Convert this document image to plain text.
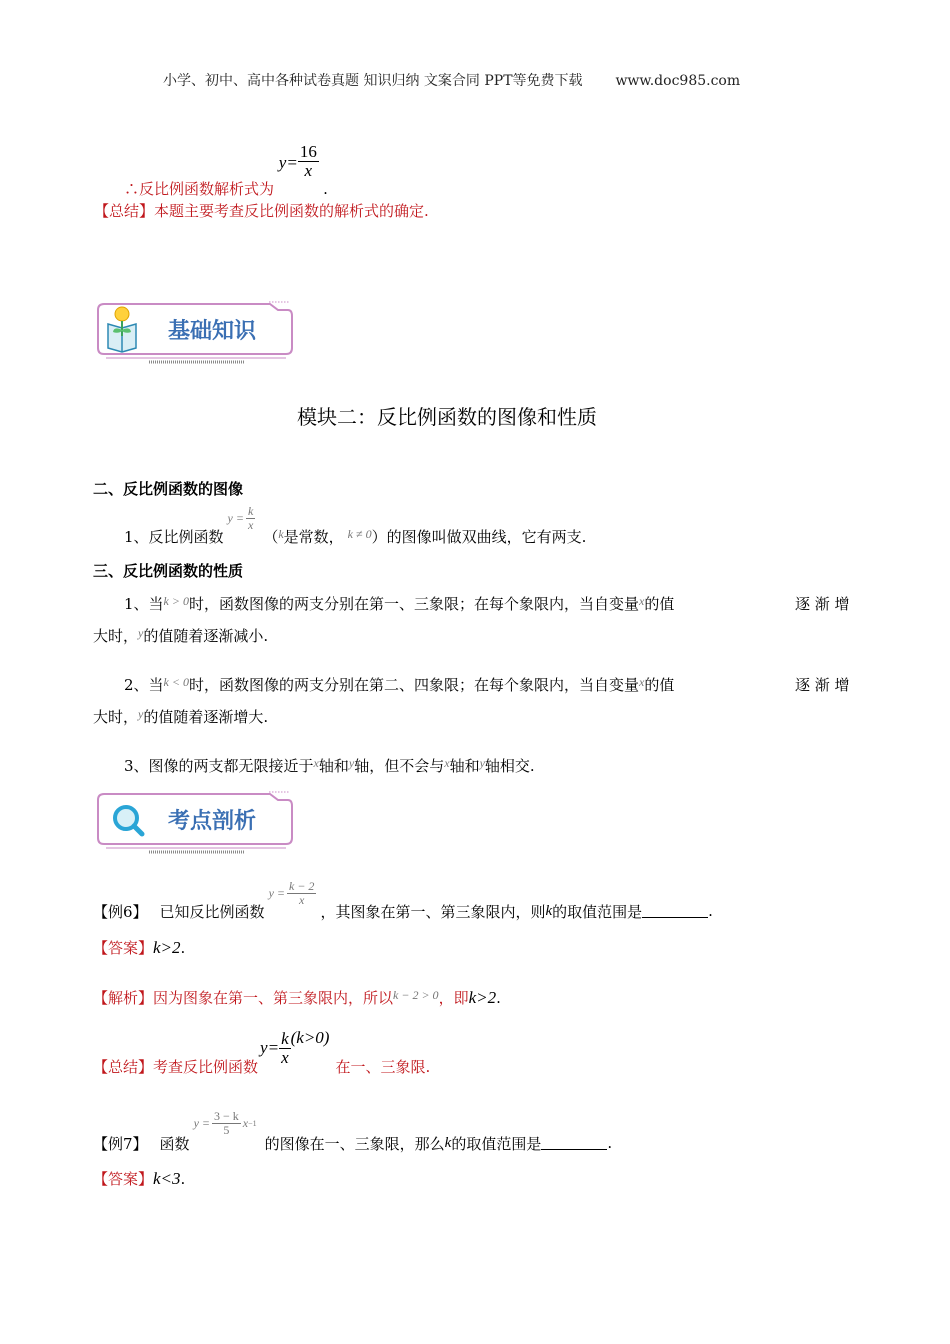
小学、初中、高中各种试卷真题 知识归纳 文案合同 PPT等免费下载 www.doc985.com
∴反比例函数解析式为 $y= \frac{16}{x}$
.
【总结】本题主要考查反比例函数的解析式的确定.
基础知识
模块二：反比例函数的图像和性质
二、反比例函数的图像
1、反比例函数
$y = \frac{k}{x}$
（ k 是常数， k ≠ 0 ）的图像叫做双曲线，它有两支.
三、反比例函数的性质
1、当$^{k > 0}$时，函数图像的两支分别在第一、三象限；在每个象限内，当自变量$^x$的值	逐 渐 增
大时，$^y$的值随着逐渐减小.
2、当$^{k < 0}$时，函数图像的两支分别在第二、四象限；在每个象限内，当自变量$^x$的值	逐 渐 增
大时，$^y$的值随着逐渐增大.
3、图像的两支都无限接近于$^x$轴和$^y$轴，但不会与$^x$轴和$^y$轴相交.
考点剖析
【例6】 已知反比例函数
$y = \frac{k - 2}{x}$
，其图象在第一、第三象限内，则 k 的取值范围是	.
【答案】k>2.
【解析】因为图象在第一、第三象限内，所以$^{k - 2 > 0}$，即k>2.
【总结】 考查反比例函数
$y= \frac{k}{x} (k>0)$
在一、三象限.
【例7】 函数
$y = \frac{3 - k}{5}$ x −1
的图像在一、三象限，那么 k 的取值范围是	.
【答案】k<3.
